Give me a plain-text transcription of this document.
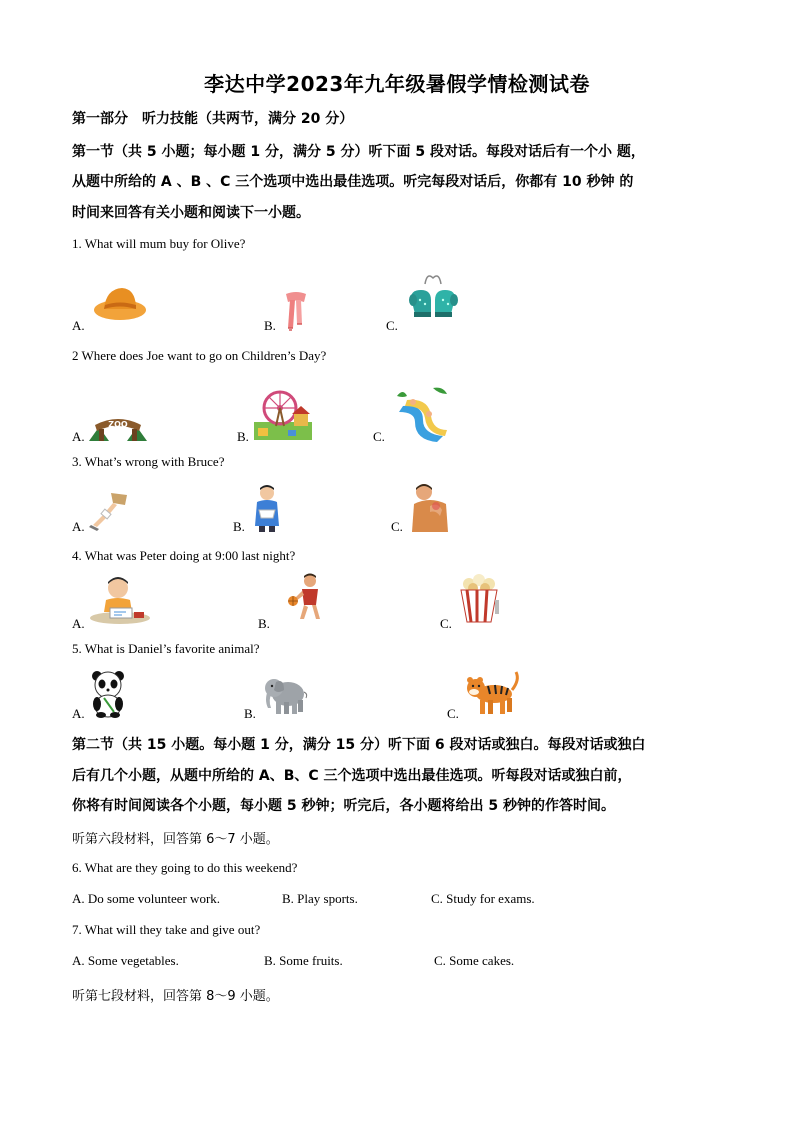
李达中学2023年九年级暑假学情检测试卷
第一部分　听力技能（共两节，满分 20 分）
第一节（共 5 小题；每小题 1 分，满分 5 分）听下面 5 段对话。每段对话后有一个小 题，
从题中所给的 A 、B 、C 三个选项中选出最佳选项。听完每段对话后，你都有 10 秒钟 的
时间来回答有关小题和阅读下一小题。
1. What will mum buy for Olive?
A.	B.	C.
2 Where does Joe want to go on Children’s Day?
A.	B.	C.
ZOO
3. What’s wrong with Bruce?
A.	B.	C.
4. What was Peter doing at 9:00 last night?
A.	B.	C.
5. What is Daniel’s favorite animal?
A.	B.	C.
第二节（共 15 小题。每小题 1 分，满分 15 分）听下面 6 段对话或独白。每段对话或独白
后有几个小题，从题中所给的 A、B、C 三个选项中选出最佳选项。听每段对话或独白前，
你将有时间阅读各个小题，每小题 5 秒钟；听完后，各小题将给出 5 秒钟的作答时间。
听第六段材料，回答第 6～7 小题。
6. What are they going to do this weekend?
A. Do some volunteer work.	B. Play sports.	C. Study for exams.
7. What will they take and give out?
A. Some vegetables.	B. Some fruits.	C. Some cakes.
听第七段材料，回答第 8～9 小题。
